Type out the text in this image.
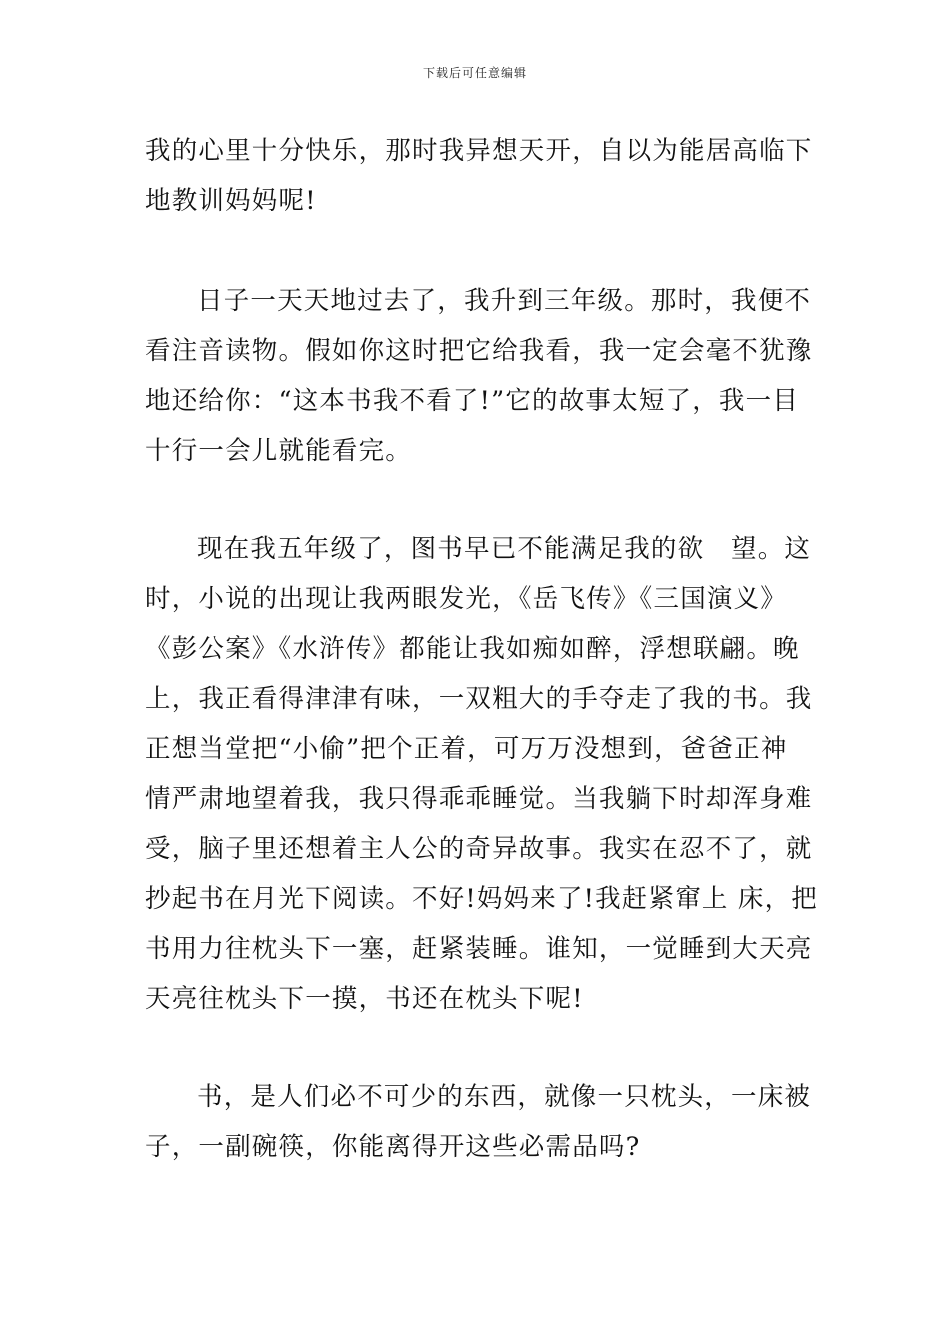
下载后可任意编辑
我的心里十分快乐，那时我异想天开，自以为能居高临下
地教训妈妈呢!
日子一天天地过去了，我升到三年级。那时，我便不
看注音读物。假如你这时把它给我看，我一定会毫不犹豫
地还给你：“这本书我不看了!”它的故事太短了，我一目
十行一会儿就能看完。
现在我五年级了，图书早已不能满足我的欲　望。这
时，小说的出现让我两眼发光，《岳飞传》《三国演义》
《彭公案》《水浒传》都能让我如痴如醉，浮想联翩。晚
上，我正看得津津有味，一双粗大的手夺走了我的书。我
正想当堂把“小偷”把个正着，可万万没想到，爸爸正神
情严肃地望着我，我只得乖乖睡觉。当我躺下时却浑身难
受，脑子里还想着主人公的奇异故事。我实在忍不了，就
抄起书在月光下阅读。不好!妈妈来了!我赶紧窜上 床，把
书用力往枕头下一塞，赶紧装睡。谁知，一觉睡到大天亮
天亮往枕头下一摸，书还在枕头下呢!
书，是人们必不可少的东西，就像一只枕头，一床被
子，一副碗筷，你能离得开这些必需品吗?
